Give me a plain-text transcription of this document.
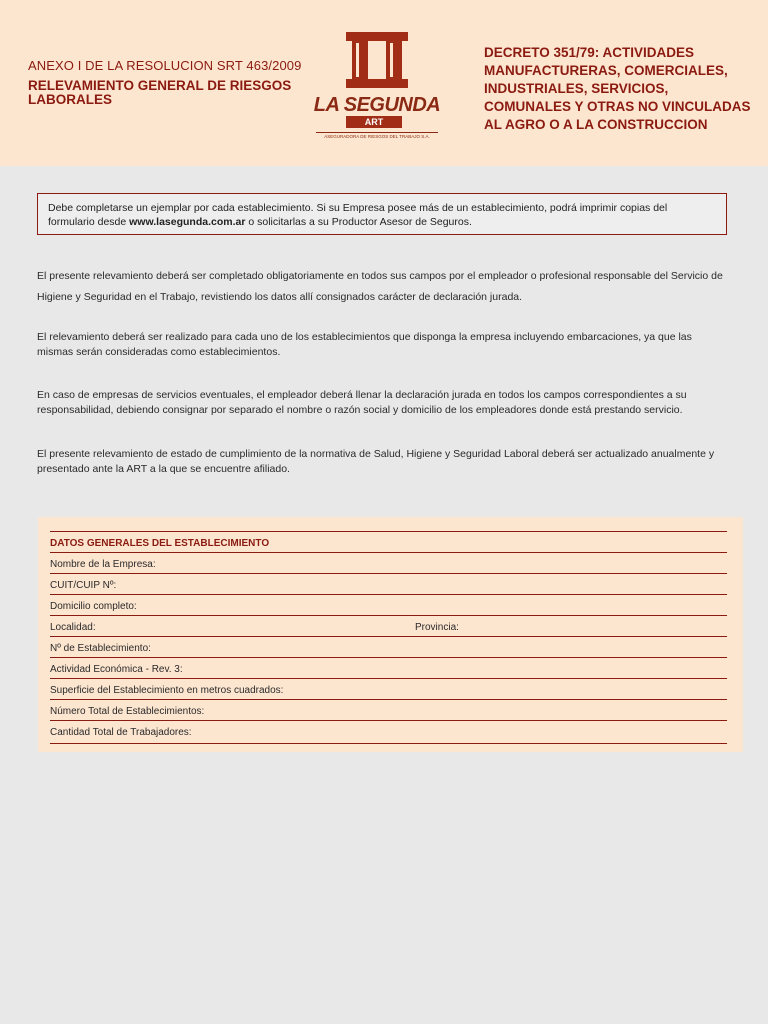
ANEXO I DE LA RESOLUCION SRT 463/2009
RELEVAMIENTO GENERAL DE RIESGOS LABORALES	LA SEGUNDA
ART
ASEGURADORA DE RIESGOS DEL TRABAJO S.A.
DECRETO 351/79: ACTIVIDADES MANUFACTURERAS, COMERCIALES, INDUSTRIALES, SERVICIOS, COMUNALES Y OTRAS NO VINCULADAS AL AGRO O A LA CONSTRUCCION
Debe completarse un ejemplar por cada establecimiento. Si su Empresa posee más de un establecimiento, podrá imprimir copias del formulario desde www.lasegunda.com.ar o solicitarlas a su Productor Asesor de Seguros.
El presente relevamiento deberá ser completado obligatoriamente en todos sus campos por el empleador o profesional responsable del Servicio de Higiene y Seguridad en el Trabajo, revistiendo los datos allí consignados carácter de declaración jurada.
El relevamiento deberá ser realizado para cada uno de los establecimientos que disponga la empresa incluyendo embarcaciones, ya que las mismas serán consideradas como establecimientos.
En caso de empresas de servicios eventuales, el empleador deberá llenar la declaración jurada en todos los campos correspondientes a su responsabilidad, debiendo consignar por separado el nombre o razón social y domicilio de los empleadores donde está prestando servicio.
El presente relevamiento de estado de cumplimiento de la normativa de Salud, Higiene y Seguridad Laboral deberá ser actualizado anualmente y presentado ante la ART a la que se encuentre afiliado.
DATOS GENERALES DEL ESTABLECIMIENTO
Nombre de la Empresa:
CUIT/CUIP Nº:
Domicilio completo:
Localidad:	Provincia:
Nº de Establecimiento:
Actividad Económica - Rev. 3:
Superficie del Establecimiento en metros cuadrados:
Número Total de Establecimientos:
Cantidad Total de Trabajadores:
